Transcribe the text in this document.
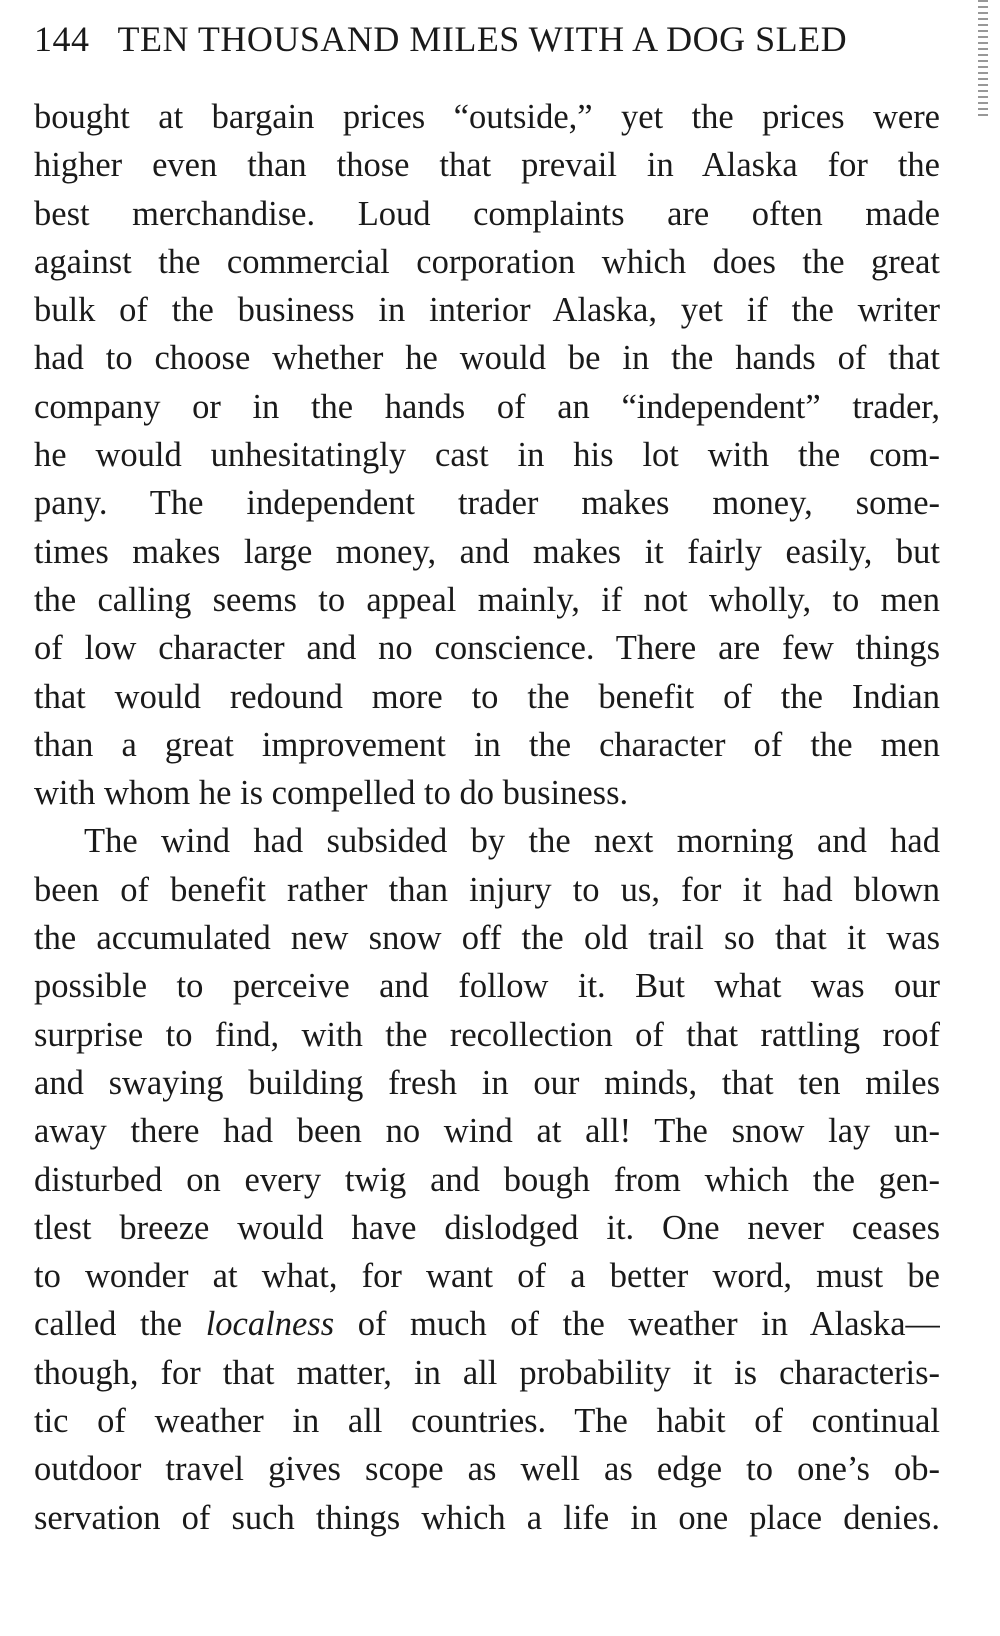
144 TEN THOUSAND MILES WITH A DOG SLED
bought at bargain prices “outside,” yet the prices were
higher even than those that prevail in Alaska for the
best merchandise. Loud complaints are often made
against the commercial corporation which does the great
bulk of the business in interior Alaska, yet if the writer
had to choose whether he would be in the hands of that
company or in the hands of an “independent” trader,
he would unhesitatingly cast in his lot with the com-
pany. The independent trader makes money, some-
times makes large money, and makes it fairly easily, but
the calling seems to appeal mainly, if not wholly, to men
of low character and no conscience. There are few things
that would redound more to the benefit of the Indian
than a great improvement in the character of the men
with whom he is compelled to do business.
The wind had subsided by the next morning and had
been of benefit rather than injury to us, for it had blown
the accumulated new snow off the old trail so that it was
possible to perceive and follow it. But what was our
surprise to find, with the recollection of that rattling roof
and swaying building fresh in our minds, that ten miles
away there had been no wind at all! The snow lay un-
disturbed on every twig and bough from which the gen-
tlest breeze would have dislodged it. One never ceases
to wonder at what, for want of a better word, must be
called the localness of much of the weather in Alaska—
though, for that matter, in all probability it is characteris-
tic of weather in all countries. The habit of continual
outdoor travel gives scope as well as edge to one’s ob-
servation of such things which a life in one place denies.
